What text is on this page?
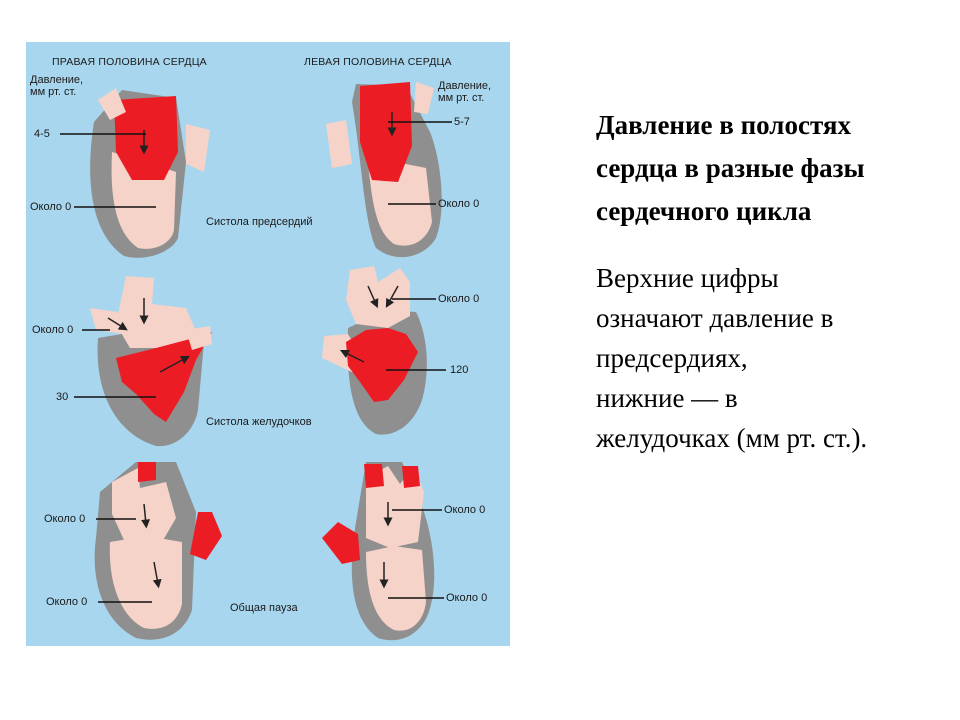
ПРАВАЯ ПОЛОВИНА СЕРДЦА	ЛЕВАЯ ПОЛОВИНА СЕРДЦА
Давление,
мм рт. ст.	Давление,
мм рт. ст.
4-5
Около 0
5-7
Около 0
Систола предсердий
Около 0
30
Около 0
120
Систола желудочков
Около 0
Около 0
Около 0
Около 0
Общая пауза
Давление в полостях
сердца в разные фазы
сердечного цикла
Верхние цифры
означают давление в
предсердиях,
нижние — в
желудочках (мм рт. ст.).
